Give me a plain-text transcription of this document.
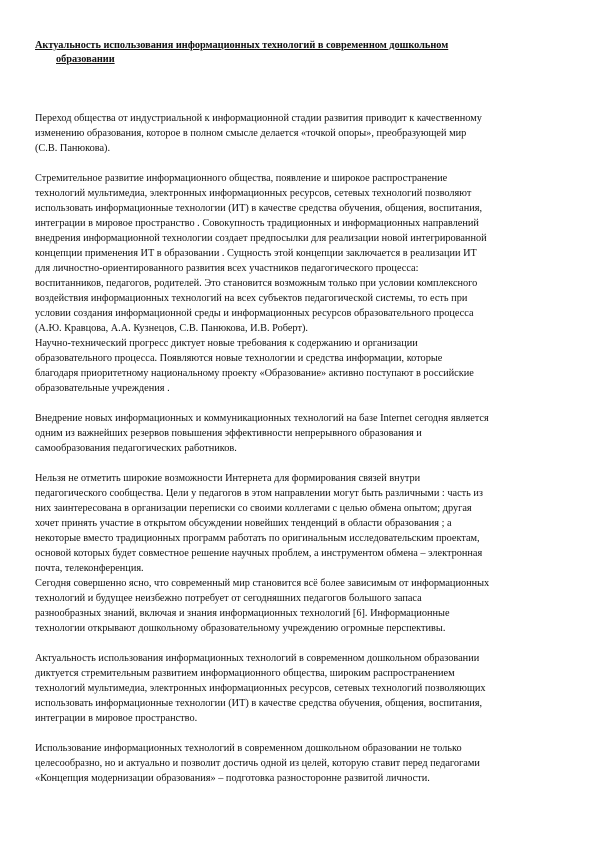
Актуальность использования информационных технологий в современном дошкольном
образовании
Переход общества от индустриальной к информационной стадии развития приводит к качественному
изменению образования, которое в полном смысле делается «точкой опоры», преобразующей мир
(С.В. Панюкова).
Стремительное развитие информационного общества, появление и широкое распространение
технологий мультимедиа, электронных информационных ресурсов, сетевых технологий позволяют
использовать информационные технологии (ИТ) в качестве средства обучения, общения, воспитания,
интеграции в мировое пространство . Совокупность традиционных и информационных направлений
внедрения информационной технологии создает предпосылки для реализации новой интегрированной
концепции применения ИТ в образовании . Сущность этой концепции заключается в реализации ИТ
для личностно-ориентированного развития всех участников педагогического процесса:
воспитанников, педагогов, родителей. Это становится возможным только при условии комплексного
воздействия информационных технологий на всех субъектов педагогической системы, то есть при
условии создания информационной среды и информационных ресурсов образовательного процесса
(А.Ю. Кравцова, А.А. Кузнецов, С.В. Панюкова, И.В. Роберт).
Научно-технический прогресс диктует новые требования к содержанию и организации
образовательного процесса. Появляются новые технологии и средства информации, которые
благодаря приоритетному национальному проекту «Образование» активно поступают в российские
образовательные учреждения .
Внедрение новых информационных и коммуникационных технологий на базе Internet сегодня является
одним из важнейших резервов повышения эффективности непрерывного образования и
самообразования педагогических работников.
Нельзя не отметить широкие возможности Интернета для формирования связей внутри
педагогического сообщества. Цели у педагогов в этом направлении могут быть различными : часть из
них заинтересована в организации переписки со своими коллегами с целью обмена опытом; другая
хочет принять участие в открытом обсуждении новейших тенденций в области образования ; а
некоторые вместо традиционных программ работать по оригинальным исследовательским проектам,
основой которых будет совместное решение научных проблем, а инструментом обмена – электронная
почта, телеконференция.
Сегодня совершенно ясно, что современный мир становится всё более зависимым от информационных
технологий и будущее неизбежно потребует от сегодняшних педагогов большого запаса
разнообразных знаний, включая и знания информационных технологий [6]. Информационные
технологии открывают дошкольному образовательному учреждению огромные перспективы.
Актуальность использования информационных технологий в современном дошкольном образовании
диктуется стремительным развитием информационного общества, широким распространением
технологий мультимедиа, электронных информационных ресурсов, сетевых технологий позволяющих
использовать информационные технологии (ИТ) в качестве средства обучения, общения, воспитания,
интеграции в мировое пространство.
Использование информационных технологий в современном дошкольном образовании не только
целесообразно, но и актуально и позволит достичь одной из целей, которую ставит перед педагогами
«Концепция модернизации образования» – подготовка разносторонне развитой личности.
